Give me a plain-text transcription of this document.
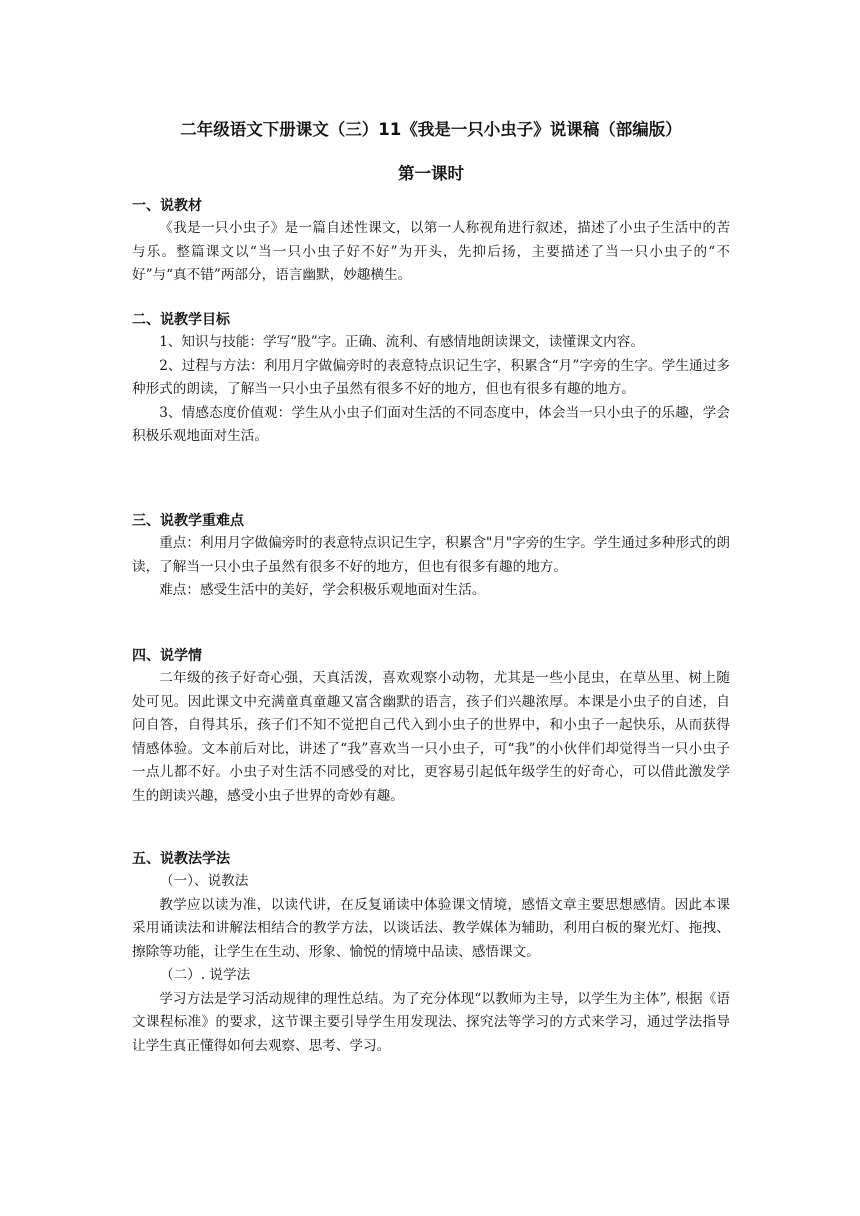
二年级语文下册课文（三）11《我是一只小虫子》说课稿（部编版）
第一课时
一、说教材

《我是一只小虫子》是一篇自述性课文，以第一人称视角进行叙述，描述了小虫子生活中的苦与乐。整篇课文以“当一只小虫子好不好”为开头，先抑后扬，主要描述了当一只小虫子的“不好”与“真不错”两部分，语言幽默，妙趣横生。

二、说教学目标

1、知识与技能：学写“股”字。正确、流利、有感情地朗读课文，读懂课文内容。

2、过程与方法：利用月字做偏旁时的表意特点识记生字，积累含“月”字旁的生字。学生通过多种形式的朗读，了解当一只小虫子虽然有很多不好的地方，但也有很多有趣的地方。

3、情感态度价值观：学生从小虫子们面对生活的不同态度中，体会当一只小虫子的乐趣，学会积极乐观地面对生活。

三、说教学重难点

重点：利用月字做偏旁时的表意特点识记生字，积累含"月"字旁的生字。学生通过多种形式的朗读，了解当一只小虫子虽然有很多不好的地方，但也有很多有趣的地方。

难点：感受生活中的美好，学会积极乐观地面对生活。

四、说学情

二年级的孩子好奇心强，天真活泼，喜欢观察小动物，尤其是一些小昆虫，在草丛里、树上随处可见。因此课文中充满童真童趣又富含幽默的语言，孩子们兴趣浓厚。本课是小虫子的自述，自问自答，自得其乐，孩子们不知不觉把自己代入到小虫子的世界中，和小虫子一起快乐，从而获得情感体验。文本前后对比，讲述了“我”喜欢当一只小虫子，可“我”的小伙伴们却觉得当一只小虫子一点儿都不好。小虫子对生活不同感受的对比，更容易引起低年级学生的好奇心，可以借此激发学生的朗读兴趣，感受小虫子世界的奇妙有趣。

五、说教法学法

（一）、说教法

教学应以读为准，以读代讲，在反复诵读中体验课文情境，感悟文章主要思想感情。因此本课采用诵读法和讲解法相结合的教学方法，以谈话法、教学媒体为辅助，利用白板的聚光灯、拖拽、擦除等功能，让学生在生动、形象、愉悦的情境中品读、感悟课文。

（二）. 说学法

学习方法是学习活动规律的理性总结。为了充分体现“以教师为主导，以学生为主体”, 根据《语文课程标准》的要求，这节课主要引导学生用发现法、探究法等学习的方式来学习，通过学法指导让学生真正懂得如何去观察、思考、学习。
